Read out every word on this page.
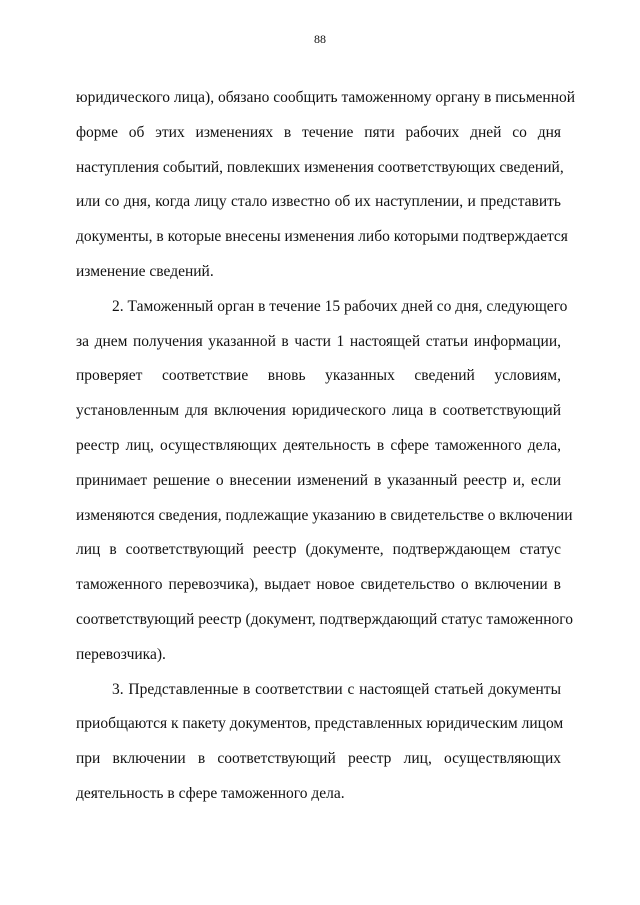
88
юридического лица), обязано сообщить таможенному органу в письменной
форме об этих изменениях в течение пяти рабочих дней со дня
наступления событий, повлекших изменения соответствующих сведений,
или со дня, когда лицу стало известно об их наступлении, и представить
документы, в которые внесены изменения либо которыми подтверждается
изменение сведений.
2. Таможенный орган в течение 15 рабочих дней со дня, следующего
за днем получения указанной в части 1 настоящей статьи информации,
проверяет соответствие вновь указанных сведений условиям,
установленным для включения юридического лица в соответствующий
реестр лиц, осуществляющих деятельность в сфере таможенного дела,
принимает решение о внесении изменений в указанный реестр и, если
изменяются сведения, подлежащие указанию в свидетельстве о включении
лиц в соответствующий реестр (документе, подтверждающем статус
таможенного перевозчика), выдает новое свидетельство о включении в
соответствующий реестр (документ, подтверждающий статус таможенного
перевозчика).
3. Представленные в соответствии с настоящей статьей документы
приобщаются к пакету документов, представленных юридическим лицом
при включении в соответствующий реестр лиц, осуществляющих
деятельность в сфере таможенного дела.
